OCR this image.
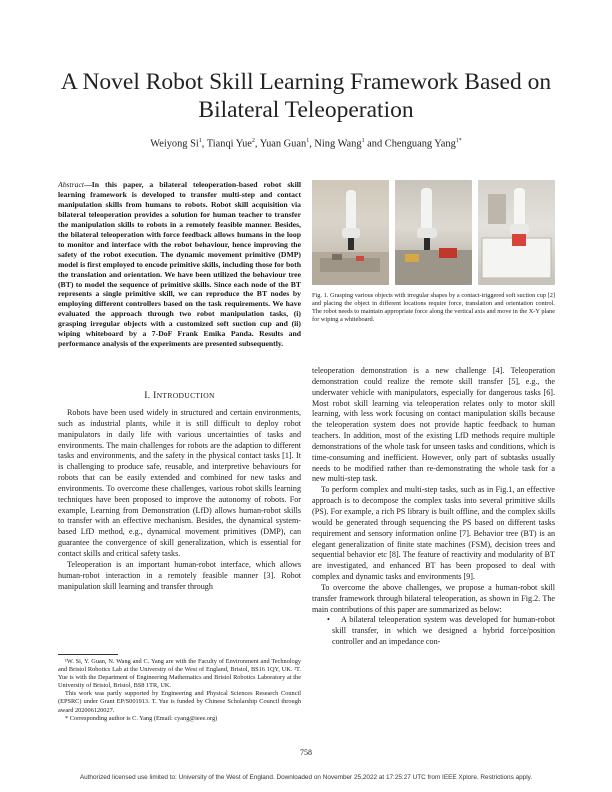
A Novel Robot Skill Learning Framework Based on Bilateral Teleoperation
Weiyong Si$^1$, Tianqi Yue$^2$, Yuan Guan$^1$, Ning Wang$^1$ and Chenguang Yang$^{1*}$
Abstract—In this paper, a bilateral teleoperation-based robot skill learning framework is developed to transfer multi-step and contact manipulation skills from humans to robots. Robot skill acquisition via bilateral teleoperation provides a solution for human teacher to transfer the manipulation skills to robots in a remotely feasible manner. Besides, the bilateral teleoperation with force feedback allows humans in the loop to monitor and interface with the robot behaviour, hence improving the safety of the robot execution. The dynamic movement primitive (DMP) model is first employed to encode primitive skills, including those for both the translation and orientation. We have been utilized the behaviour tree (BT) to model the sequence of primitive skills. Since each node of the BT represents a single primitive skill, we can reproduce the BT nodes by employing different controllers based on the task requirements. We have evaluated the approach through two robot manipulation tasks, (i) grasping irregular objects with a customized soft suction cup and (ii) wiping whiteboard by a 7-DoF Frank Emika Panda. Results and performance analysis of the experiments are presented subsequently.
I. INTRODUCTION

Robots have been used widely in structured and certain environments, such as industrial plants, while it is still difficult to deploy robot manipulators in daily life with various uncertainties of tasks and environments. The main challenges for robots are the adaption to different tasks and environments, and the safety in the physical contact tasks [1]. It is challenging to produce safe, reusable, and interpretive behaviours for robots that can be easily extended and combined for new tasks and environments. To overcome these challenges, various robot skills learning techniques have been proposed to improve the autonomy of robots. For example, Learning from Demonstration (LfD) allows human-robot skills to transfer with an effective mechanism. Besides, the dynamical system-based LfD method, e.g., dynamical movement primitives (DMP), can guarantee the convergence of skill generalization, which is essential for contact skills and critical safety tasks.

Teleoperation is an important human-robot interface, which allows human-robot interaction in a remotely feasible manner [3]. Robot manipulation skill learning and transfer through

¹W. Si, Y. Guan, N. Wang and C. Yang are with the Faculty of Environment and Technology and Bristol Robotics Lab at the University of the West of England, Bristol, BS16 1QY, UK. ²T. Yue is with the Department of Engineering Mathematics and Bristol Robotics Laboratory at the University of Bristol, Bristol, BS8 1TR, UK.

This work was partly supported by Engineering and Physical Sciences Research Council (EPSRC) under Grant EP/S001913. T. Yue is funded by Chinese Scholarship Council through award 202006120027.

* Corresponding author is C. Yang (Email: cyang@ieee.org)

Fig. 1. Grasping various objects with irregular shapes by a contact-triggered soft suction cup [2] and placing the object in different locations require force, translation and orientation control. The robot needs to maintain appropriate force along the vertical axis and move in the X-Y plane for wiping a whiteboard.

teleoperation demonstration is a new challenge [4]. Teleoperation demonstration could realize the remote skill transfer [5], e.g., the underwater vehicle with manipulators, especially for dangerous tasks [6]. Most robot skill learning via teleoperation relates only to motor skill learning, with less work focusing on contact manipulation skills because the teleoperation system does not provide haptic feedback to human teachers. In addition, most of the existing LfD methods require multiple demonstrations of the whole task for unseen tasks and conditions, which is time-consuming and inefficient. However, only part of subtasks usually needs to be modified rather than re-demonstrating the whole task for a new multi-step task.

To perform complex and multi-step tasks, such as in Fig.1, an effective approach is to decompose the complex tasks into several primitive skills (PS). For example, a rich PS library is built offline, and the complex skills would be generated through sequencing the PS based on different tasks requirement and sensory information online [7]. Behavior tree (BT) is an elegant generalization of finite state machines (FSM), decision trees and sequential behavior etc [8]. The feature of reactivity and modularity of BT are investigated, and enhanced BT has been proposed to deal with complex and dynamic tasks and environments [9].

To overcome the above challenges, we propose a human-robot skill transfer framework through bilateral teleoperation, as shown in Fig.2. The main contributions of this paper are summarized as below:

• A bilateral teleoperation system was developed for human-robot skill transfer, in which we designed a hybrid force/position controller and an impedance con-

758
Authorized licensed use limited to: University of the West of England. Downloaded on November 25,2022 at 17:25:27 UTC from IEEE Xplore. Restrictions apply.
